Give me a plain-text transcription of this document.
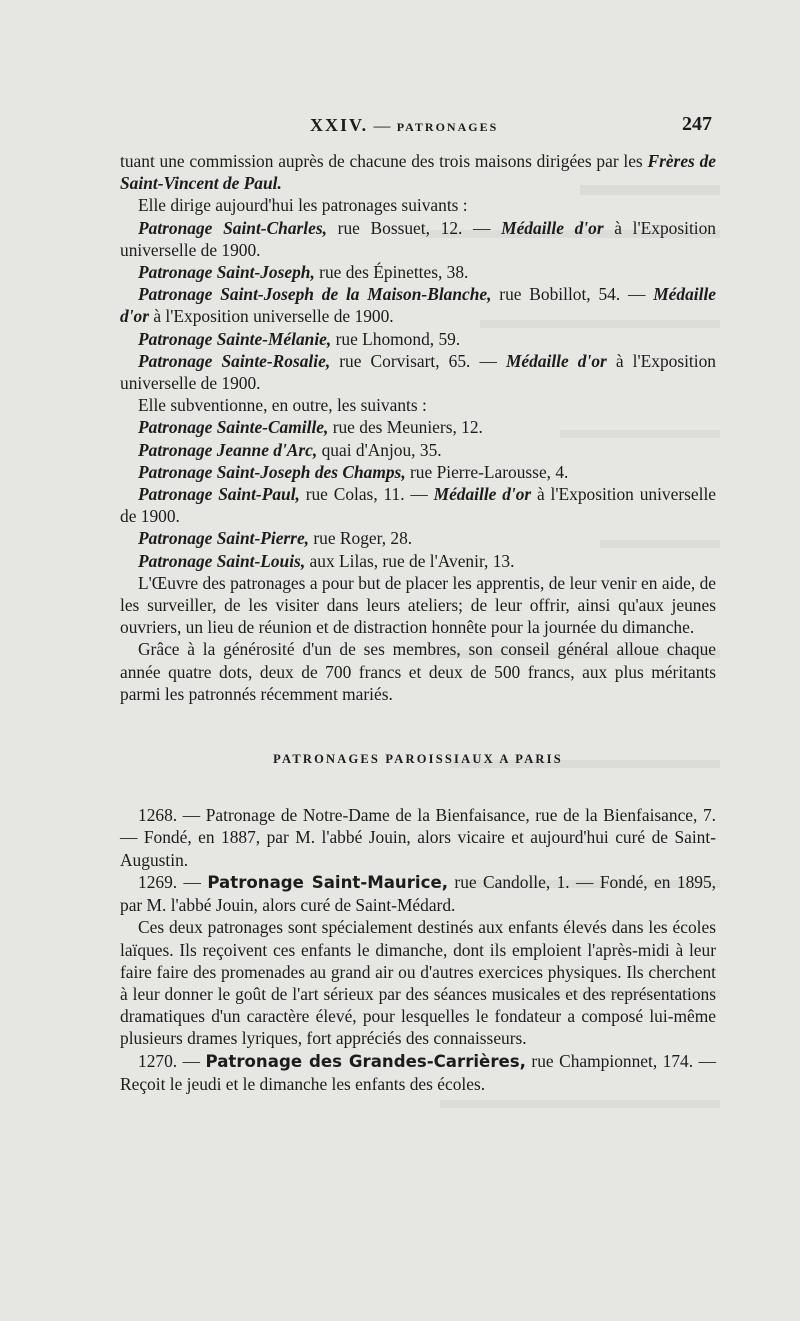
XXIV. — PATRONAGES	247

tuant une commission auprès de chacune des trois maisons dirigées par les Frères de Saint-Vincent de Paul.

Elle dirige aujourd'hui les patronages suivants :

Patronage Saint-Charles, rue Bossuet, 12. — Médaille d'or à l'Exposition universelle de 1900.

Patronage Saint-Joseph, rue des Épinettes, 38.

Patronage Saint-Joseph de la Maison-Blanche, rue Bobillot, 54. — Médaille d'or à l'Exposition universelle de 1900.

Patronage Sainte-Mélanie, rue Lhomond, 59.

Patronage Sainte-Rosalie, rue Corvisart, 65. — Médaille d'or à l'Exposition universelle de 1900.

Elle subventionne, en outre, les suivants :

Patronage Sainte-Camille, rue des Meuniers, 12.

Patronage Jeanne d'Arc, quai d'Anjou, 35.

Patronage Saint-Joseph des Champs, rue Pierre-Larousse, 4.

Patronage Saint-Paul, rue Colas, 11. — Médaille d'or à l'Exposition universelle de 1900.

Patronage Saint-Pierre, rue Roger, 28.

Patronage Saint-Louis, aux Lilas, rue de l'Avenir, 13.

L'Œuvre des patronages a pour but de placer les apprentis, de leur venir en aide, de les surveiller, de les visiter dans leurs ateliers; de leur offrir, ainsi qu'aux jeunes ouvriers, un lieu de réunion et de distraction honnête pour la journée du dimanche.

Grâce à la générosité d'un de ses membres, son conseil général alloue chaque année quatre dots, deux de 700 francs et deux de 500 francs, aux plus méritants parmi les patronnés récemment mariés.

PATRONAGES PAROISSIAUX A PARIS

1268. — Patronage de Notre-Dame de la Bienfaisance, rue de la Bienfaisance, 7. — Fondé, en 1887, par M. l'abbé Jouin, alors vicaire et aujourd'hui curé de Saint-Augustin.

1269. — Patronage Saint-Maurice, rue Candolle, 1. — Fondé, en 1895, par M. l'abbé Jouin, alors curé de Saint-Médard.

Ces deux patronages sont spécialement destinés aux enfants élevés dans les écoles laïques. Ils reçoivent ces enfants le dimanche, dont ils emploient l'après-midi à leur faire faire des promenades au grand air ou d'autres exercices physiques. Ils cherchent à leur donner le goût de l'art sérieux par des séances musicales et des représentations dramatiques d'un caractère élevé, pour lesquelles le fondateur a composé lui-même plusieurs drames lyriques, fort appréciés des connaisseurs.

1270. — Patronage des Grandes-Carrières, rue Championnet, 174. — Reçoit le jeudi et le dimanche les enfants des écoles.
